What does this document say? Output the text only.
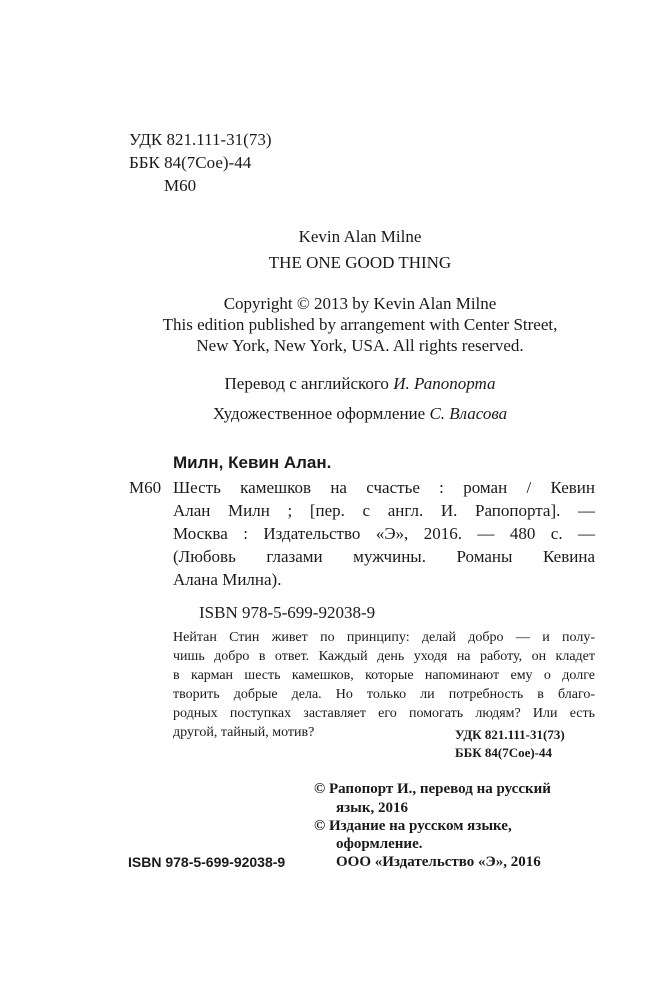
УДК 821.111-31(73)
ББК 84(7Сое)-44
М60
Kevin Alan Milne
THE ONE GOOD THING
Copyright © 2013 by Kevin Alan Milne
This edition published by arrangement with Center Street,
New York, New York, USA. All rights reserved.
Перевод с английского И. Рапопорта
Художественное оформление С. Власова
Милн, Кевин Алан.
М60 Шесть камешков на счастье : роман / Кевин
Алан Милн ; [пер. с англ. И. Рапопорта]. —
Москва : Издательство «Э», 2016. — 480 с. —
(Любовь глазами мужчины. Романы Кевина
Алана Милна).
ISBN 978-5-699-92038-9
Нейтан Стин живет по принципу: делай добро — и полу-
чишь добро в ответ. Каждый день уходя на работу, он кладет
в карман шесть камешков, которые напоминают ему о долге
творить добрые дела. Но только ли потребность в благо-
родных поступках заставляет его помогать людям? Или есть
другой, тайный, мотив?	УДК 821.111-31(73)
ББК 84(7Сое)-44
© Рапопорт И., перевод на русский
язык, 2016
© Издание на русском языке,
оформление.
ООО «Издательство «Э», 2016
ISBN 978-5-699-92038-9
